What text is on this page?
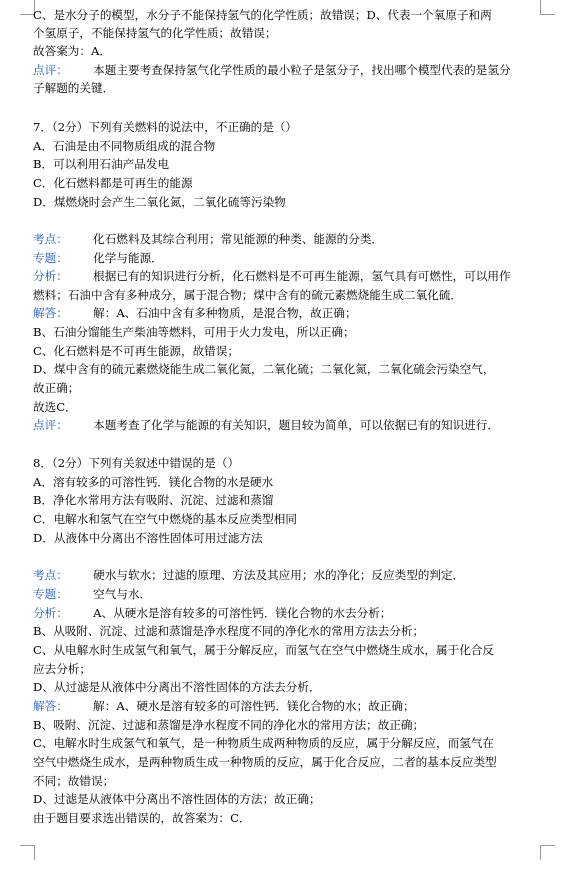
C、是水分子的模型，水分子不能保持氢气的化学性质；故错误；D、代表一个氧原子和两
个氢原子，不能保持氢气的化学性质；故错误；
故答案为：A．
点评： 本题主要考查保持氢气化学性质的最小粒子是氢分子，找出哪个模型代表的是氢分
子解题的关键．
7．（2分）下列有关燃料的说法中，不正确的是（）
A．石油是由不同物质组成的混合物
B．可以利用石油产品发电
C．化石燃料都是可再生的能源
D．煤燃烧时会产生二氧化氮，二氧化硫等污染物
考点： 化石燃料及其综合利用；常见能源的种类、能源的分类．
专题： 化学与能源．
分析： 根据已有的知识进行分析，化石燃料是不可再生能源，氢气具有可燃性，可以用作
燃料；石油中含有多种成分，属于混合物；煤中含有的硫元素燃烧能生成二氧化硫．
解答： 解：A、石油中含有多种物质，是混合物，故正确；
B、石油分馏能生产柴油等燃料，可用于火力发电，所以正确；
C、化石燃料是不可再生能源，故错误；
D、煤中含有的硫元素燃烧能生成二氧化氮，二氧化硫；二氧化氮，二氧化硫会污染空气，
故正确；
故选C．
点评： 本题考查了化学与能源的有关知识，题目较为简单，可以依据已有的知识进行．
8．（2分）下列有关叙述中错误的是（）
A．溶有较多的可溶性钙．镁化合物的水是硬水
B．净化水常用方法有吸附、沉淀、过滤和蒸馏
C．电解水和氢气在空气中燃烧的基本反应类型相同
D．从液体中分离出不溶性固体可用过滤方法
考点： 硬水与软水；过滤的原理、方法及其应用；水的净化；反应类型的判定．
专题： 空气与水．
分析： A、从硬水是溶有较多的可溶性钙．镁化合物的水去分析；
B、从吸附、沉淀、过滤和蒸馏是净水程度不同的净化水的常用方法去分析；
C、从电解水时生成氢气和氧气，属于分解反应，而氢气在空气中燃烧生成水，属于化合反
应去分析；
D、从过滤是从液体中分离出不溶性固体的方法去分析．
解答： 解：A、硬水是溶有较多的可溶性钙．镁化合物的水；故正确；
B、吸附、沉淀、过滤和蒸馏是净水程度不同的净化水的常用方法；故正确；
C、电解水时生成氢气和氧气，是一种物质生成两种物质的反应，属于分解反应，而氢气在
空气中燃烧生成水，是两种物质生成一种物质的反应，属于化合反应，二者的基本反应类型
不同；故错误；
D、过滤是从液体中分离出不溶性固体的方法；故正确；
由于题目要求选出错误的，故答案为：C．
